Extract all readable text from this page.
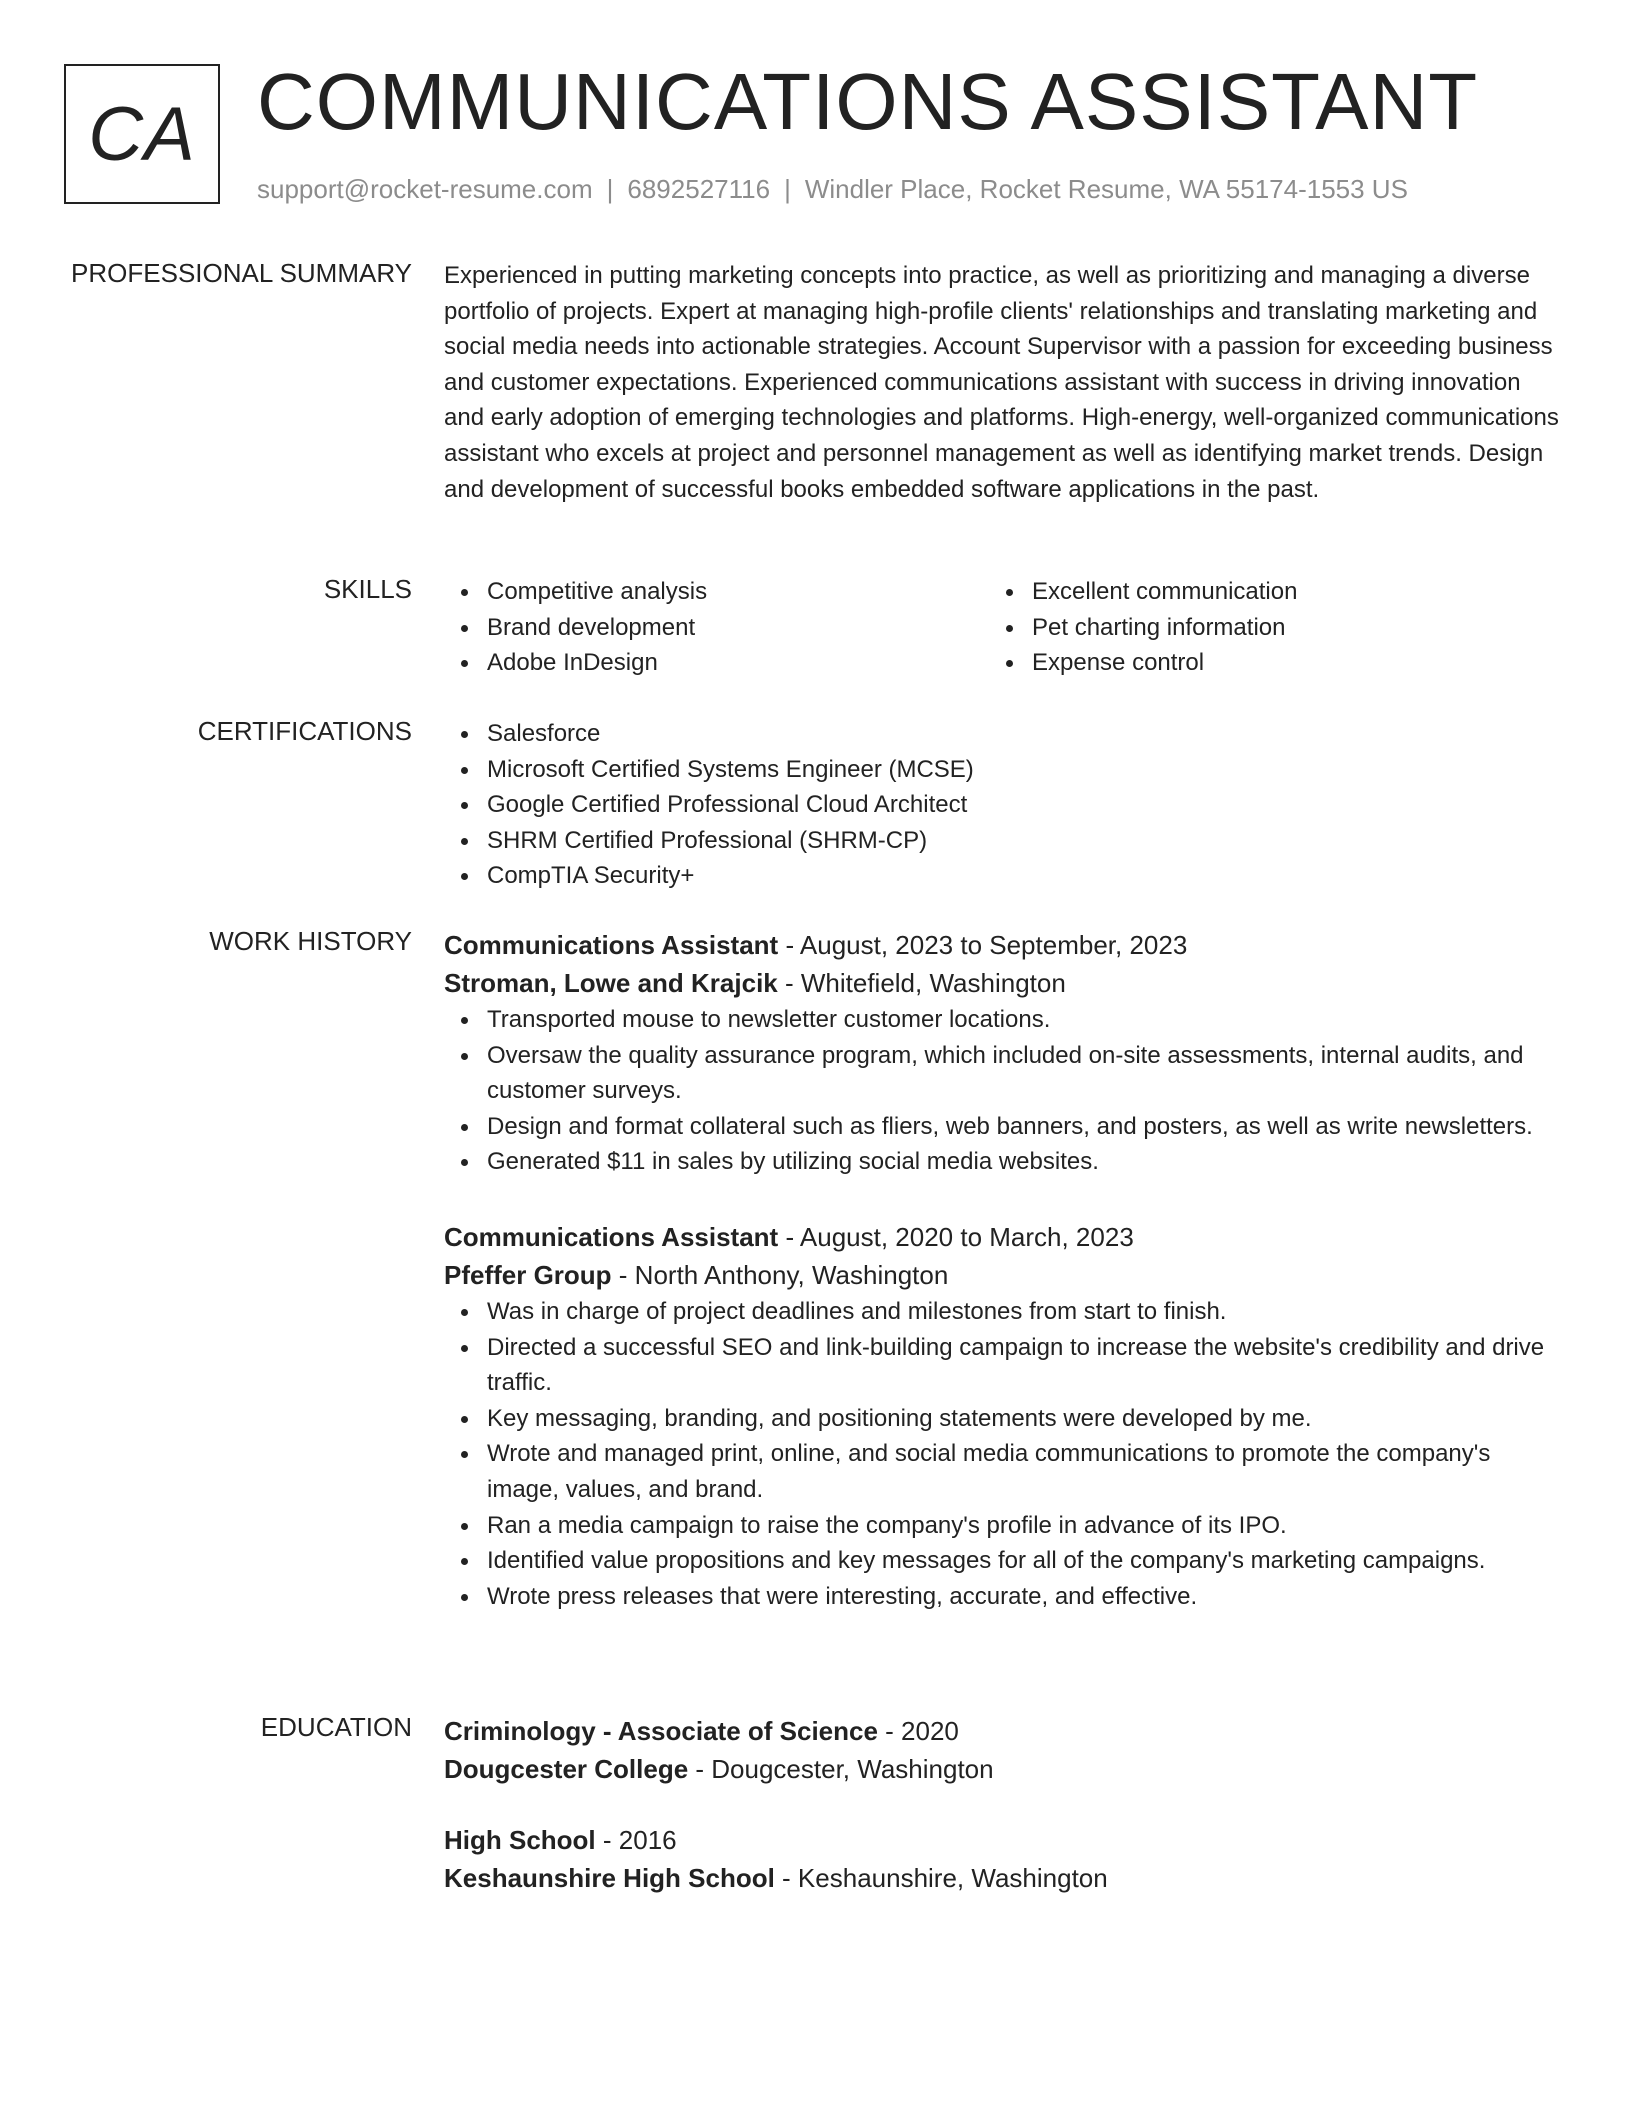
CA COMMUNICATIONS ASSISTANT
support@rocket-resume.com | 6892527116 | Windler Place, Rocket Resume, WA 55174-1553 US
PROFESSIONAL SUMMARY Experienced in putting marketing concepts into practice, as well as prioritizing and managing a diverse portfolio of projects. Expert at managing high-profile clients' relationships and translating marketing and social media needs into actionable strategies. Account Supervisor with a passion for exceeding business and customer expectations. Experienced communications assistant with success in driving innovation and early adoption of emerging technologies and platforms. High-energy, well-organized communications assistant who excels at project and personnel management as well as identifying market trends. Design and development of successful books embedded software applications in the past.

SKILLS	Competitive analysis
Brand development
Adobe InDesign
Excellent communication
Pet charting information
Expense control
CERTIFICATIONS	Salesforce
Microsoft Certified Systems Engineer (MCSE)
Google Certified Professional Cloud Architect
SHRM Certified Professional (SHRM-CP)
CompTIA Security+
WORK HISTORY Communications Assistant - August, 2023 to September, 2023
Stroman, Lowe and Krajcik - Whitefield, Washington
Transported mouse to newsletter customer locations.
Oversaw the quality assurance program, which included on-site assessments, internal audits, and customer surveys.
Design and format collateral such as fliers, web banners, and posters, as well as write newsletters.
Generated $11 in sales by utilizing social media websites.
Communications Assistant - August, 2020 to March, 2023
Pfeffer Group - North Anthony, Washington
Was in charge of project deadlines and milestones from start to finish.
Directed a successful SEO and link-building campaign to increase the website's credibility and drive traffic.
Key messaging, branding, and positioning statements were developed by me.
Wrote and managed print, online, and social media communications to promote the company's image, values, and brand.
Ran a media campaign to raise the company's profile in advance of its IPO.
Identified value propositions and key messages for all of the company's marketing campaigns.
Wrote press releases that were interesting, accurate, and effective.
EDUCATION Criminology - Associate of Science - 2020
Dougcester College - Dougcester, Washington
High School - 2016
Keshaunshire High School - Keshaunshire, Washington
